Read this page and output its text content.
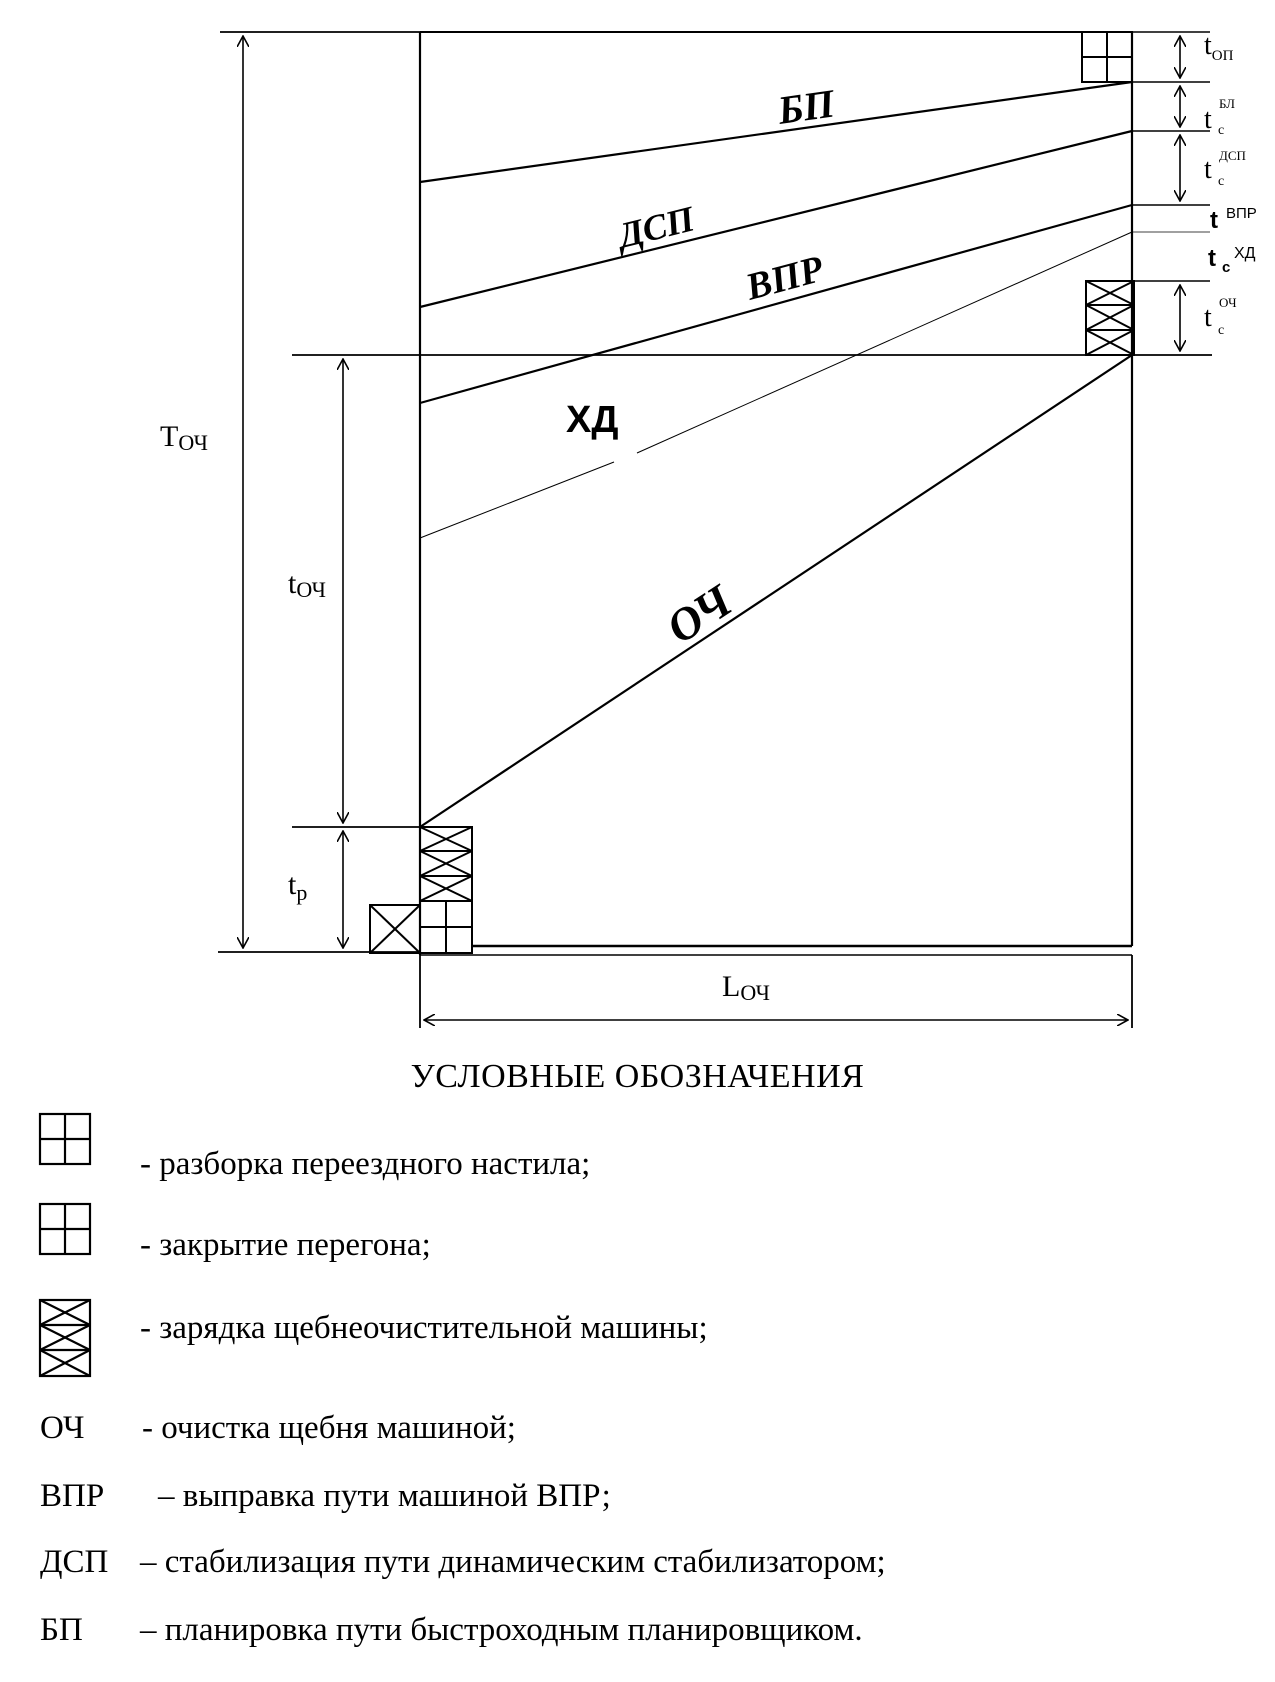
TОЧ
tОЧ
$t_р$
LОЧ
$t_{ОП}$
t БЛ с
t ДСП с
t ВПР
t с ХД
t ОЧ с
БП
ДСП
ВПР
ХД
ОЧ
УСЛОВНЫЕ ОБОЗНАЧЕНИЯ
- разборка переездного настила;
- закрытие перегона;
- зарядка щебнеочистительной машины;
ОЧ - очистка щебня машиной;
ВПР – выправка пути машиной ВПР;
ДСП – стабилизация пути динамическим стабилизатором;
БП – планировка пути быстроходным планировщиком.
